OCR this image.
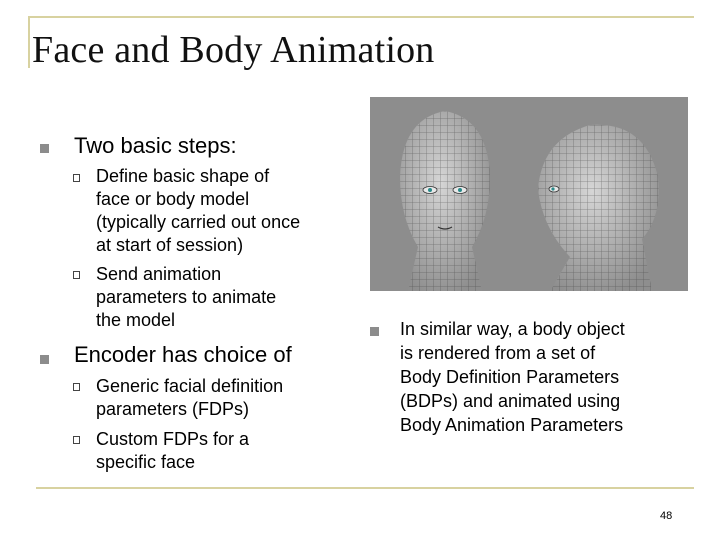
Face and Body Animation
Two basic steps:
Define basic shape of
face or body model
(typically carried out once
at start of session)
Send animation
parameters to animate
the model
Encoder has choice of
Generic facial definition
parameters (FDPs)
Custom FDPs for a
specific face
In similar way, a body object
is rendered from a set of
Body Definition Parameters
(BDPs) and animated using
Body Animation Parameters
48
